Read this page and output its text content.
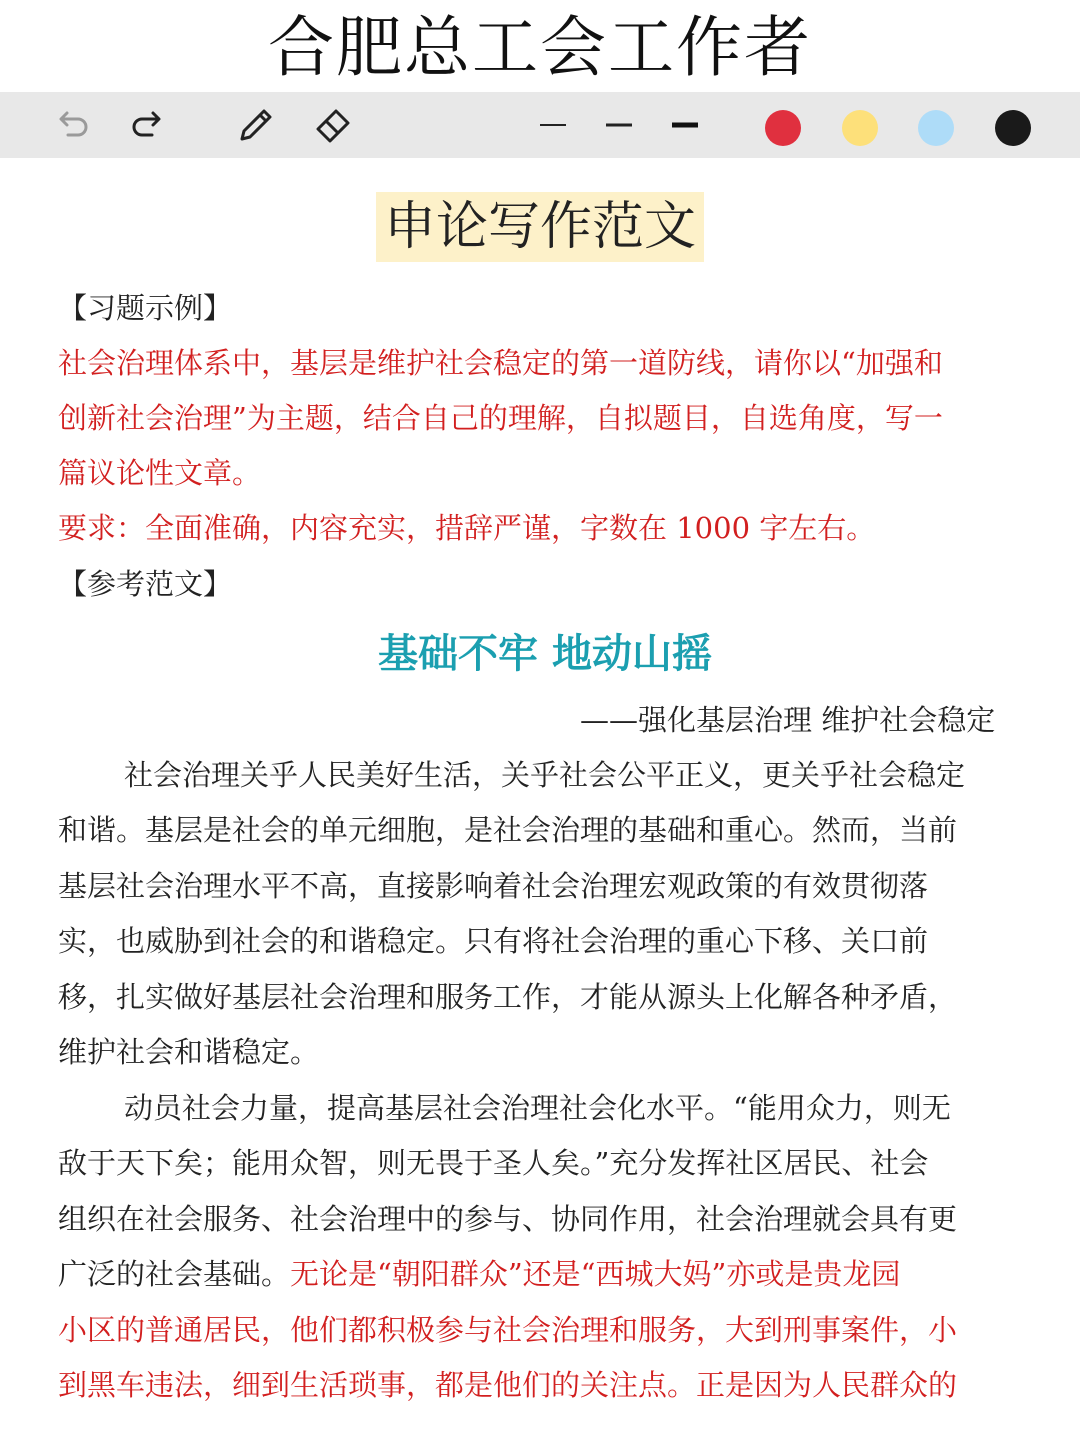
合肥总工会工作者
申论写作范文
【习题示例】
社会治理体系中，基层是维护社会稳定的第一道防线，请你以“加强和
创新社会治理”为主题，结合自己的理解，自拟题目，自选角度，写一
篇议论性文章。
要求：全面准确，内容充实，措辞严谨，字数在 1000 字左右。
【参考范文】
基础不牢 地动山摇
——强化基层治理 维护社会稳定
社会治理关乎人民美好生活，关乎社会公平正义，更关乎社会稳定
和谐。基层是社会的单元细胞，是社会治理的基础和重心。然而，当前
基层社会治理水平不高，直接影响着社会治理宏观政策的有效贯彻落
实，也威胁到社会的和谐稳定。只有将社会治理的重心下移、关口前
移，扎实做好基层社会治理和服务工作，才能从源头上化解各种矛盾，
维护社会和谐稳定。
动员社会力量，提高基层社会治理社会化水平。“能用众力，则无
敌于天下矣；能用众智，则无畏于圣人矣。”充分发挥社区居民、社会
组织在社会服务、社会治理中的参与、协同作用，社会治理就会具有更
广泛的社会基础。无论是“朝阳群众”还是“西城大妈”亦或是贵龙园
小区的普通居民，他们都积极参与社会治理和服务，大到刑事案件，小
到黑车违法，细到生活琐事，都是他们的关注点。正是因为人民群众的
